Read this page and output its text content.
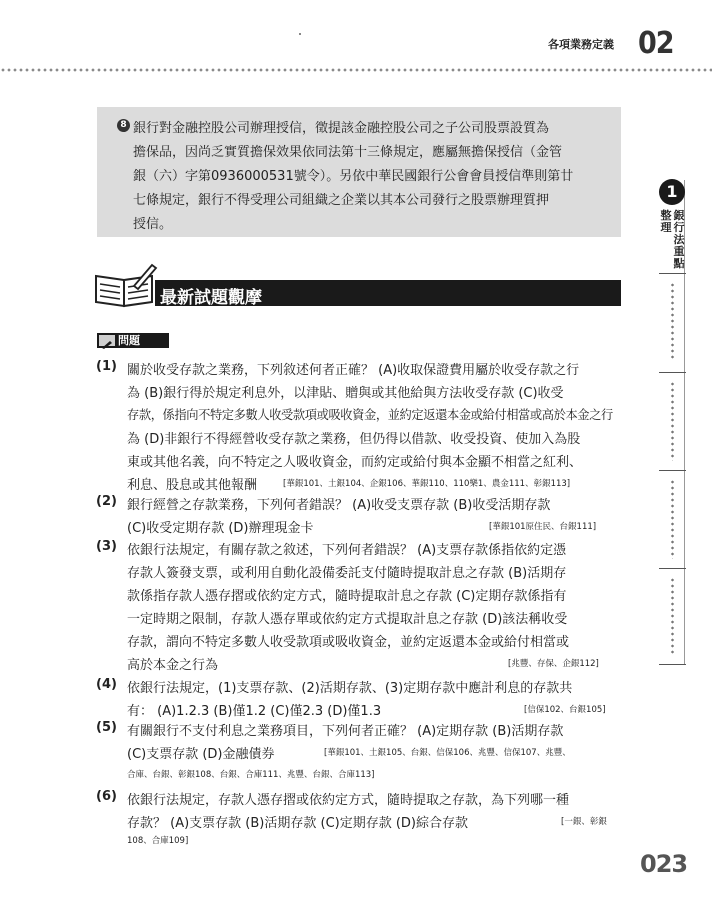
各項業務定義 02
8 銀行對金融控股公司辦理授信，徵提該金融控股公司之子公司股票設質為
擔保品，因尚乏實質擔保效果依同法第十三條規定，應屬無擔保授信（金管
銀（六）字第0936000531號令）。另依中華民國銀行公會會員授信準則第廿
七條規定，銀行不得受理公司組織之企業以其本公司發行之股票辦理質押
授信。
最新試題觀摩
問題
(1) 關於收受存款之業務，下列敘述何者正確？ (A)收取保證費用屬於收受存款之行
為 (B)銀行得於規定利息外，以津貼、贈與或其他給與方法收受存款 (C)收受
存款，係指向不特定多數人收受款項或吸收資金，並約定返還本金或給付相當或高於本金之行
為 (D)非銀行不得經營收受存款之業務，但仍得以借款、收受投資、使加入為股
東或其他名義，向不特定之人吸收資金，而約定或給付與本金顯不相當之紅利、
利息、股息或其他報酬	[華銀101、土銀104、企銀106、華銀110、110樂1、農金111、彰銀113]
(2) 銀行經營之存款業務，下列何者錯誤？ (A)收受支票存款 (B)收受活期存款
(C)收受定期存款 (D)辦理現金卡	[華銀101原住民、台銀111]
(3) 依銀行法規定，有關存款之敘述，下列何者錯誤？ (A)支票存款係指依約定憑
存款人簽發支票，或利用自動化設備委託支付隨時提取計息之存款 (B)活期存
款係指存款人憑存摺或依約定方式，隨時提取計息之存款 (C)定期存款係指有
一定時期之限制，存款人憑存單或依約定方式提取計息之存款 (D)該法稱收受
存款，謂向不特定多數人收受款項或吸收資金，並約定返還本金或給付相當或
高於本金之行為	[兆豐、存保、企銀112]
(4) 依銀行法規定，(1)支票存款、(2)活期存款、(3)定期存款中應計利息的存款共
有： (A)1.2.3 (B)僅1.2 (C)僅2.3 (D)僅1.3	[信保102、台銀105]
(5) 有關銀行不支付利息之業務項目，下列何者正確？ (A)定期存款 (B)活期存款
(C)支票存款 (D)金融債券	[華銀101、土銀105、台銀、信保106、兆豐、信保107、兆豐、
合庫、台銀、彰銀108、台銀、合庫111、兆豐、台銀、合庫113]
(6) 依銀行法規定，存款人憑存摺或依約定方式，隨時提取之存款，為下列哪一種
存款？ (A)支票存款 (B)活期存款 (C)定期存款 (D)綜合存款	[一銀、彰銀
108、合庫109]
1
銀行法重點
整理
023
